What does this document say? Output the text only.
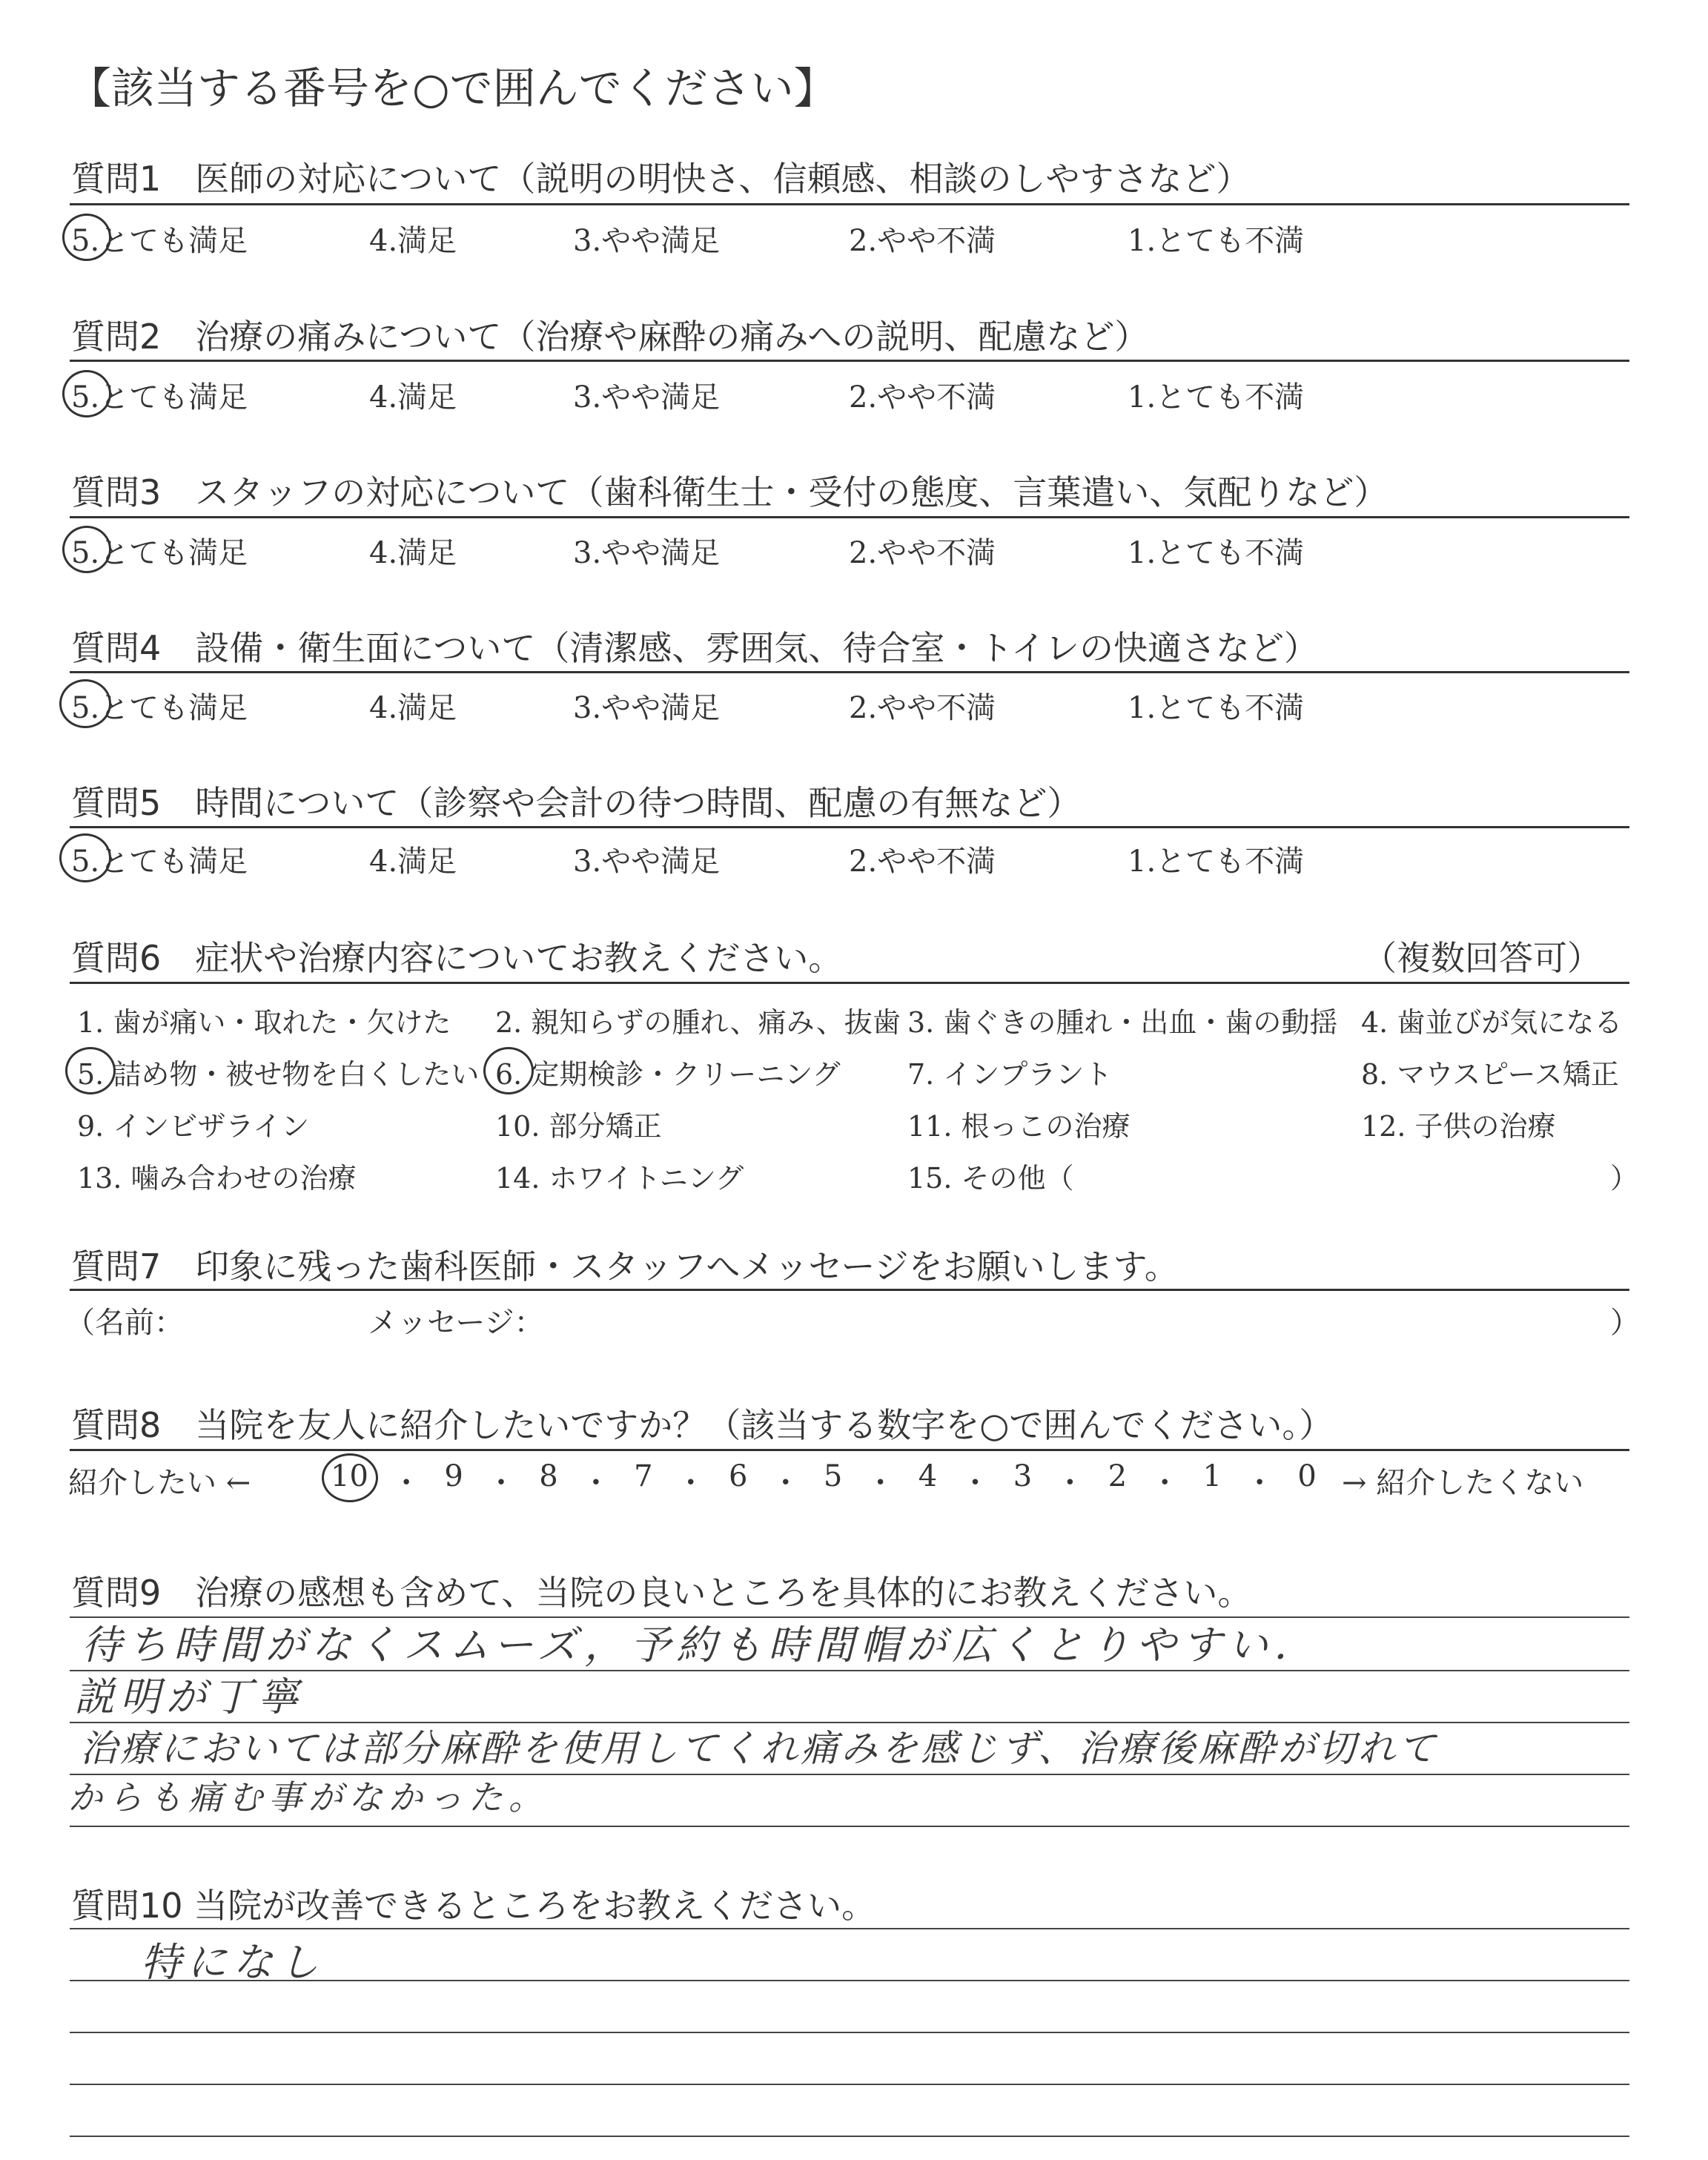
【該当する番号を○で囲んでください】
質問1　医師の対応について（説明の明快さ、信頼感、相談のしやすさなど）
5.とても満足	4.満足	3.やや満足	2.やや不満	1.とても不満
質問2　治療の痛みについて（治療や麻酔の痛みへの説明、配慮など）
5.とても満足	4.満足	3.やや満足	2.やや不満	1.とても不満
質問3　スタッフの対応について（歯科衛生士・受付の態度、言葉遣い、気配りなど）
5.とても満足	4.満足	3.やや満足	2.やや不満	1.とても不満
質問4　設備・衛生面について（清潔感、雰囲気、待合室・トイレの快適さなど）
5.とても満足	4.満足	3.やや満足	2.やや不満	1.とても不満
質問5　時間について（診察や会計の待つ時間、配慮の有無など）
5.とても満足	4.満足	3.やや満足	2.やや不満	1.とても不満
質問6　症状や治療内容についてお教えください。	（複数回答可）
1. 歯が痛い・取れた・欠けた 2. 親知らずの腫れ、痛み、抜歯 3. 歯ぐきの腫れ・出血・歯の動揺 4. 歯並びが気になる
5. 詰め物・被せ物を白くしたい 6. 定期検診・クリーニング 7. インプラント	8. マウスピース矯正
9. インビザライン	10. 部分矯正	11. 根っこの治療	12. 子供の治療
13. 噛み合わせの治療	14. ホワイトニング	15. その他（	）
質問7　印象に残った歯科医師・スタッフへメッセージをお願いします。
（名前：	メッセージ：	）
質問8　当院を友人に紹介したいですか？（該当する数字を○で囲んでください。）
紹介したい ←	10 ・ 9 ・ 8 ・ 7 ・ 6 ・ 5 ・ 4 ・ 3 ・ 2 ・ 1 ・ 0 → 紹介したくない
質問9　治療の感想も含めて、当院の良いところを具体的にお教えください。
待ち時間がなくスムーズ，予約も時間帽が広くとりやすい．
説明が丁寧
治療においては部分麻酔を使用してくれ痛みを感じず、治療後麻酔が切れて
からも痛む事がなかった。
質問10 当院が改善できるところをお教えください。
特になし
